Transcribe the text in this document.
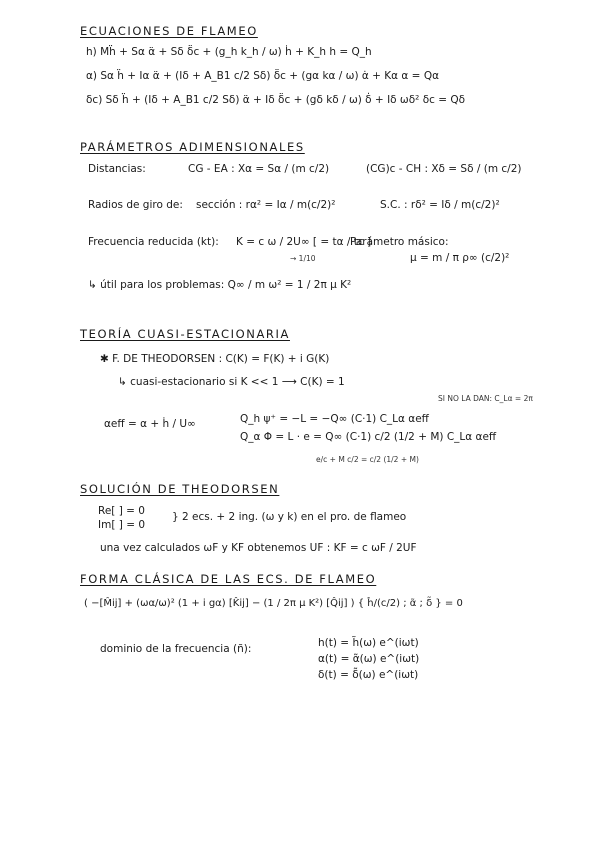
ECUACIONES DE FLAMEO
h) Mḧ + Sα α̈ + Sδ δ̈c + (g_h k_h / ω) ḣ + K_h h = Q_h
α) Sα ḧ + Iα α̈ + (Iδ + A_B1 c/2 Sδ) δ̈c + (gα kα / ω) α̇ + Kα α = Qα
δc) Sδ ḧ + (Iδ + A_B1 c/2 Sδ) α̈ + Iδ δ̈c + (gδ kδ / ω) δ̇ + Iδ ωδ² δc = Qδ
PARÁMETROS ADIMENSIONALES
Distancias:	CG - EA : Xα = Sα / (m c/2)	(CG)c - CH : Xδ = Sδ / (m c/2)
Radios de giro de: sección : rα² = Iα / m(c/2)²	S.C. : rδ² = Iδ / m(c/2)²
Frecuencia reducida (kt): K = c ω / 2U∞ [ = tα / tc ]
→ 1/10
Parámetro másico:
μ = m / π ρ∞ (c/2)²
↳ útil para los problemas: Q∞ / m ω² = 1 / 2π μ K²
TEORÍA CUASI-ESTACIONARIA
✱ F. DE THEODORSEN : C(K) = F(K) + i G(K)
↳ cuasi-estacionario si K << 1 ⟶ C(K) = 1
SI NO LA DAN: C_Lα = 2π
αeff = α + ḣ / U∞	Q_h ψ⁺ = −L = −Q∞ (C·1) C_Lα αeff
Q_α Φ = L · e = Q∞ (C·1) c/2 (1/2 + M) C_Lα αeff
e/c + M c/2 = c/2 (1/2 + M)
SOLUCIÓN DE THEODORSEN
Re[ ] = 0
Im[ ] = 0
} 2 ecs. + 2 ing. (ω y k) en el pro. de flameo
una vez calculados ωF y KF obtenemos UF : KF = c ωF / 2UF
FORMA CLÁSICA DE LAS ECS. DE FLAMEO
( −[M̂ij] + (ωα/ω)² (1 + i gα) [K̂ij] − (1 / 2π μ K²) [Q̂ij] ) { ĥ/(c/2) ; α̃ ; δ̃ } = 0
dominio de la frecuencia (ñ):	h(t) = h̃(ω) e^(iωt)
α(t) = α̃(ω) e^(iωt)
δ(t) = δ̃(ω) e^(iωt)
